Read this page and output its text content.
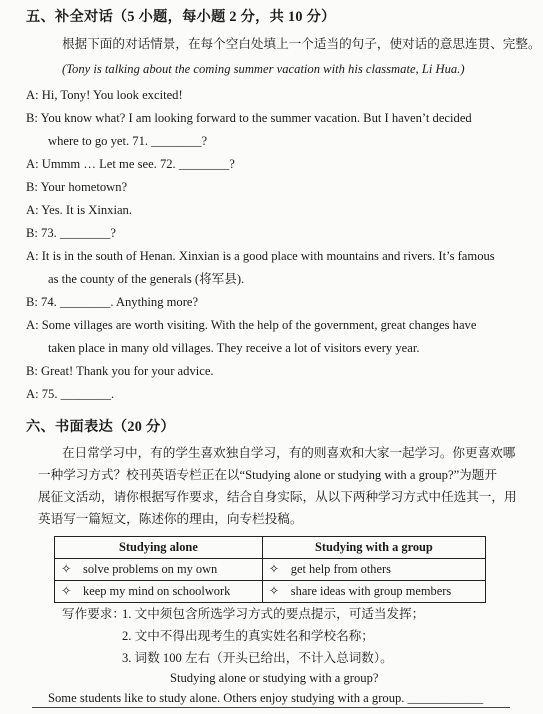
五、补全对话（5 小题，每小题 2 分，共 10 分）
根据下面的对话情景，在每个空白处填上一个适当的句子，使对话的意思连贯、完整。
(Tony is talking about the coming summer vacation with his classmate, Li Hua.)
A: Hi, Tony! You look excited!
B: You know what? I am looking forward to the summer vacation. But I haven’t decided
where to go yet. 71. ________?
A: Ummm … Let me see. 72. ________?
B: Your hometown?
A: Yes. It is Xinxian.
B: 73. ________?
A: It is in the south of Henan. Xinxian is a good place with mountains and rivers. It’s famous
as the county of the generals (将军县).
B: 74. ________. Anything more?
A: Some villages are worth visiting. With the help of the government, great changes have
taken place in many old villages. They receive a lot of visitors every year.
B: Great! Thank you for your advice.
A: 75. ________.
六、书面表达（20 分）
在日常学习中，有的学生喜欢独自学习，有的则喜欢和大家一起学习。你更喜欢哪
一种学习方式？校刊英语专栏正在以“Studying alone or studying with a group?”为题开
展征文活动，请你根据写作要求，结合自身实际，从以下两种学习方式中任选其一，用
英语写一篇短文，陈述你的理由，向专栏投稿。
Studying alone	Studying with a group
✧ solve problems on my own	✧ get help from others
✧ keep my mind on schoolwork	✧ share ideas with group members
写作要求：
1. 文中须包含所选学习方式的要点提示，可适当发挥；
2. 文中不得出现考生的真实姓名和学校名称；
3. 词数 100 左右（开头已给出，不计入总词数）。
Studying alone or studying with a group?
Some students like to study alone. Others enjoy studying with a group. ____________
